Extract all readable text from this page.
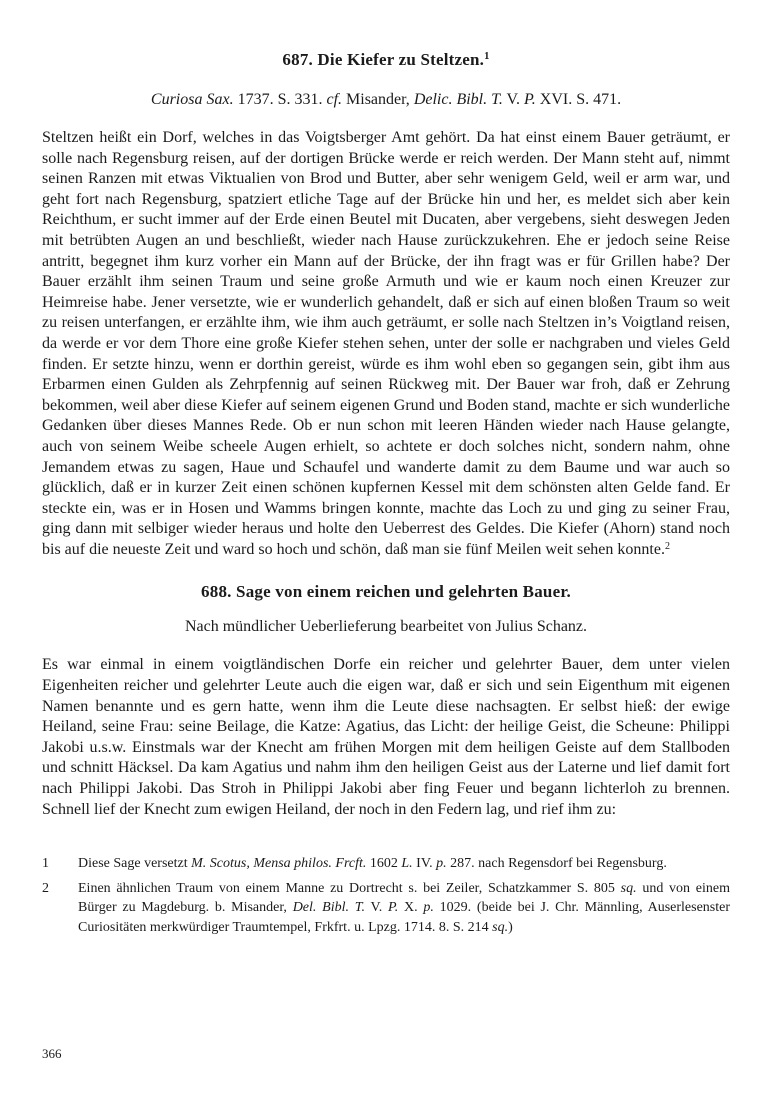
687. Die Kiefer zu Steltzen.$^1$

Curiosa Sax. 1737. S. 331. cf. Misander, Delic. Bibl. T. V. P. XVI. S. 471.

Steltzen heißt ein Dorf, welches in das Voigtsberger Amt gehört. Da hat einst einem Bauer geträumt, er solle nach Regensburg reisen, auf der dortigen Brücke werde er reich werden. Der Mann steht auf, nimmt seinen Ranzen mit etwas Viktualien von Brod und Butter, aber sehr wenigem Geld, weil er arm war, und geht fort nach Regensburg, spatziert etliche Tage auf der Brücke hin und her, es meldet sich aber kein Reichthum, er sucht immer auf der Erde einen Beutel mit Ducaten, aber vergebens, sieht deswegen Jeden mit betrübten Augen an und beschließt, wieder nach Hause zurückzukehren. Ehe er jedoch seine Reise antritt, begegnet ihm kurz vorher ein Mann auf der Brücke, der ihn fragt was er für Grillen habe? Der Bauer erzählt ihm seinen Traum und seine große Armuth und wie er kaum noch einen Kreuzer zur Heimreise habe. Jener versetzte, wie er wunderlich gehandelt, daß er sich auf einen bloßen Traum so weit zu reisen unterfangen, er erzählte ihm, wie ihm auch geträumt, er solle nach Steltzen in’s Voigtland reisen, da werde er vor dem Thore eine große Kiefer stehen sehen, unter der solle er nachgraben und vieles Geld finden. Er setzte hinzu, wenn er dorthin gereist, würde es ihm wohl eben so gegangen sein, gibt ihm aus Erbarmen einen Gulden als Zehrpfennig auf seinen Rückweg mit. Der Bauer war froh, daß er Zehrung bekommen, weil aber diese Kiefer auf seinem eigenen Grund und Boden stand, machte er sich wunderliche Gedanken über dieses Mannes Rede. Ob er nun schon mit leeren Händen wieder nach Hause gelangte, auch von seinem Weibe scheele Augen erhielt, so achtete er doch solches nicht, sondern nahm, ohne Jemandem etwas zu sagen, Haue und Schaufel und wanderte damit zu dem Baume und war auch so glücklich, daß er in kurzer Zeit einen schönen kupfernen Kessel mit dem schönsten alten Gelde fand. Er steckte ein, was er in Hosen und Wamms bringen konnte, machte das Loch zu und ging zu seiner Frau, ging dann mit selbiger wieder heraus und holte den Ueberrest des Geldes. Die Kiefer (Ahorn) stand noch bis auf die neueste Zeit und ward so hoch und schön, daß man sie fünf Meilen weit sehen konnte.$^2$

688. Sage von einem reichen und gelehrten Bauer.

Nach mündlicher Ueberlieferung bearbeitet von Julius Schanz.

Es war einmal in einem voigtländischen Dorfe ein reicher und gelehrter Bauer, dem unter vielen Eigenheiten reicher und gelehrter Leute auch die eigen war, daß er sich und sein Eigenthum mit eigenen Namen benannte und es gern hatte, wenn ihm die Leute diese nachsagten. Er selbst hieß: der ewige Heiland, seine Frau: seine Beilage, die Katze: Agatius, das Licht: der heilige Geist, die Scheune: Philippi Jakobi u.s.w. Einstmals war der Knecht am frühen Morgen mit dem heiligen Geiste auf dem Stallboden und schnitt Häcksel. Da kam Agatius und nahm ihm den heiligen Geist aus der Laterne und lief damit fort nach Philippi Jakobi. Das Stroh in Philippi Jakobi aber fing Feuer und begann lichterloh zu brennen. Schnell lief der Knecht zum ewigen Heiland, der noch in den Federn lag, und rief ihm zu:

1	Diese Sage versetzt M. Scotus, Mensa philos. Frcft. 1602 L. IV. p. 287. nach Regensdorf bei Regensburg.
2	Einen ähnlichen Traum von einem Manne zu Dortrecht s. bei Zeiler, Schatzkammer S. 805 sq. und von einem Bürger zu Magdeburg. b. Misander, Del. Bibl. T. V. P. X. p. 1029. (beide bei J. Chr. Männling, Auserlesenster Curiositäten merkwürdiger Traumtempel, Frkfrt. u. Lpzg. 1714. 8. S. 214 sq.)
366
